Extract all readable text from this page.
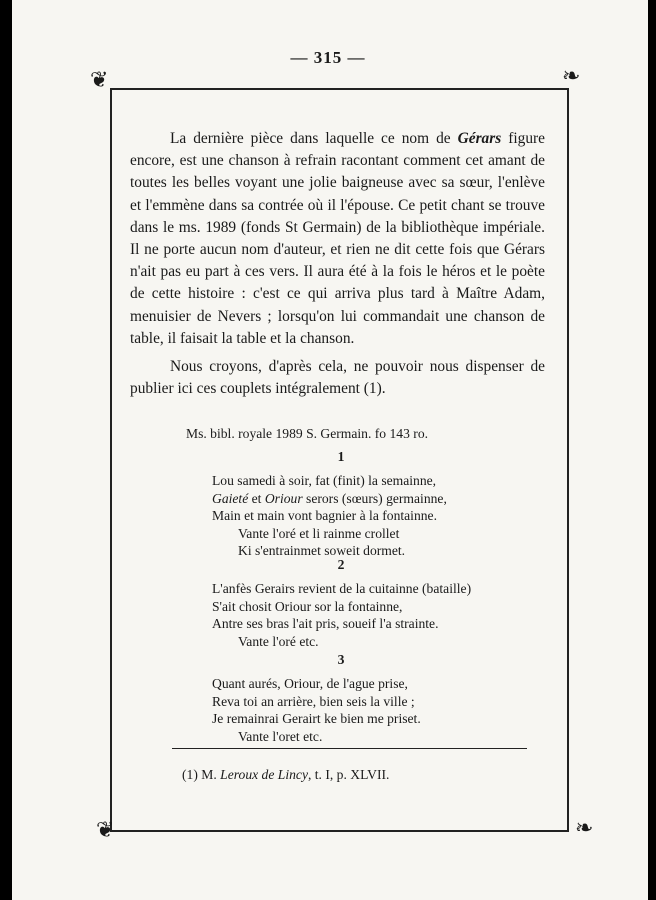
— 315 —
❦	❧
❦	❧

La dernière pièce dans laquelle ce nom de Gérars figure encore, est une chanson à refrain racontant comment cet amant de toutes les belles voyant une jolie baigneuse avec sa sœur, l'enlève et l'emmène dans sa contrée où il l'épouse. Ce petit chant se trouve dans le ms. 1989 (fonds St Germain) de la bibliothèque impériale. Il ne porte aucun nom d'auteur, et rien ne dit cette fois que Gérars n'ait pas eu part à ces vers. Il aura été à la fois le héros et le poète de cette histoire : c'est ce qui arriva plus tard à Maître Adam, menuisier de Nevers ; lorsqu'on lui commandait une chanson de table, il faisait la table et la chanson.

Nous croyons, d'après cela, ne pouvoir nous dispenser de publier ici ces couplets intégralement (1).

Ms. bibl. royale 1989 S. Germain. fo 143 ro.
1
Lou samedi à soir, fat (finit) la semainne,
Gaieté et Oriour serors (sœurs) germainne,
Main et main vont bagnier à la fontainne.
Vante l'oré et li rainme crollet
Ki s'entrainmet soweit dormet.
2
L'anfès Gerairs revient de la cuitainne (bataille)
S'ait chosit Oriour sor la fontainne,
Antre ses bras l'ait pris, soueif l'a strainte.
Vante l'oré etc.
3
Quant aurés, Oriour, de l'ague prise,
Reva toi an arrière, bien seis la ville ;
Je remainrai Gerairt ke bien me priset.
Vante l'oret etc.
(1) M. Leroux de Lincy, t. I, p. XLVII.
